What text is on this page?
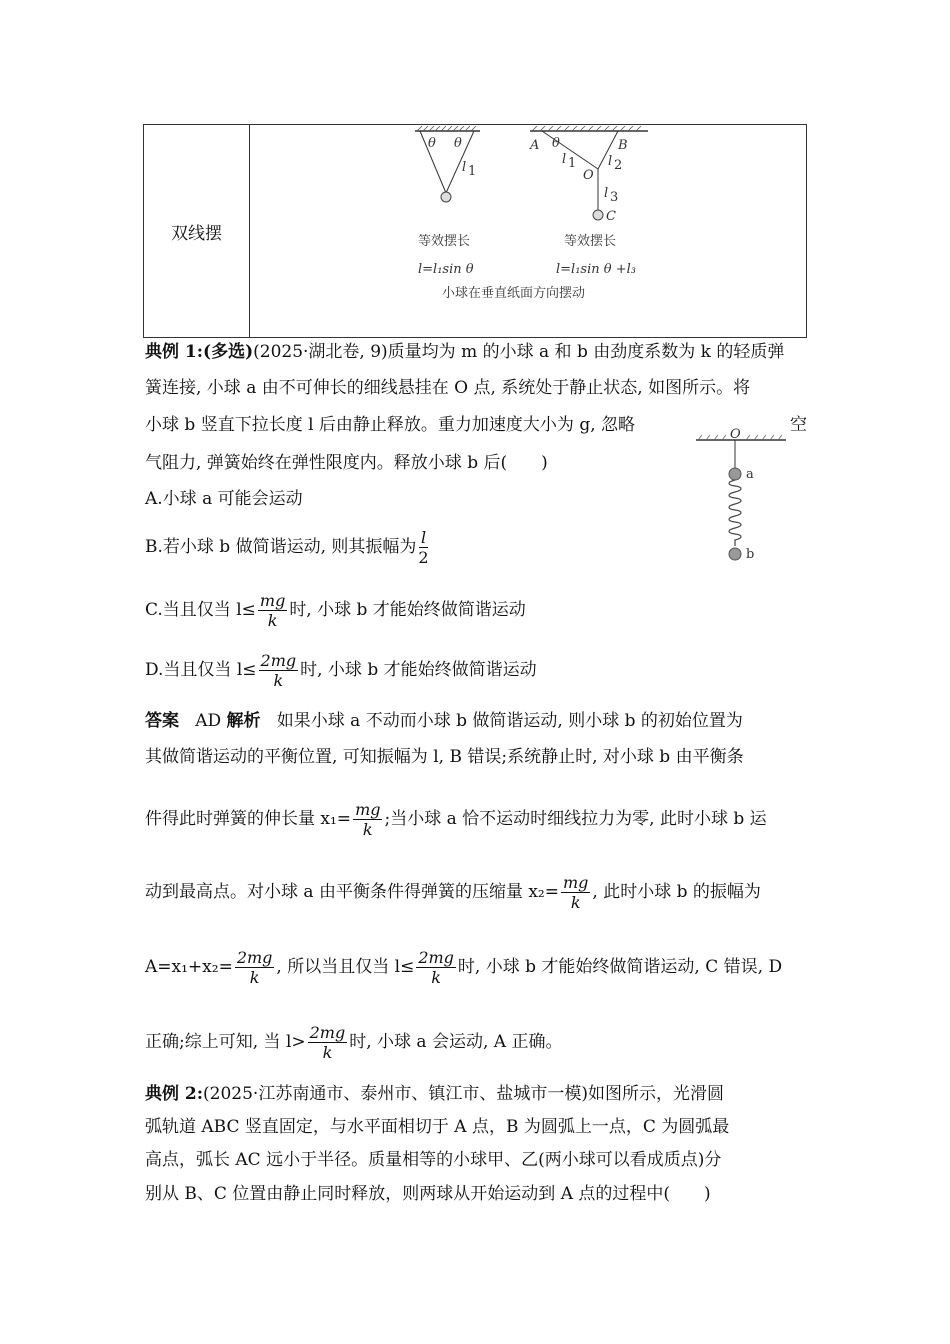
双线摆	
θ θ
l 1
等效摆长
l=l₁sin θ
A	B
θ
l 1 l 2
O
l 3
C
等效摆长
l=l₁sin θ +l₃
小球在垂直纸面方向摆动
典例 1:(多选)(2025·湖北卷, 9)质量均为 m 的小球 a 和 b 由劲度系数为 k 的轻质弹
簧连接, 小球 a 由不可伸长的细线悬挂在 O 点, 系统处于静止状态, 如图所示。将
小球 b 竖直下拉长度 l 后由静止释放。重力加速度大小为 g, 忽略	空
气阻力, 弹簧始终在弹性限度内。释放小球 b 后(　　)
O
a
b
A.小球 a 可能会运动
B.若小球 b 做简谐运动, 则其振幅为 $\frac{l}{2}$
C.当且仅当 $l\le \frac{mg}{k}$ 时, 小球 b 才能始终做简谐运动
D.当且仅当 $l\le \frac{2mg}{k}$ 时, 小球 b 才能始终做简谐运动
答案 AD 解析 如果小球 a 不动而小球 b 做简谐运动, 则小球 b 的初始位置为
其做简谐运动的平衡位置, 可知振幅为 l, B 错误;系统静止时, 对小球 b 由平衡条
件得此时弹簧的伸长量 $x_1= \frac{mg}{k}$ ;当小球 a 恰不运动时细线拉力为零, 此时小球 b 运
动到最高点。对小球 a 由平衡条件得弹簧的压缩量 $x_2= \frac{mg}{k}$ , 此时小球 b 的振幅为
$A=x_1+x_2= \frac{2mg}{k}$ , 所以当且仅当 $l\le \frac{2mg}{k}$ 时, 小球 b 才能始终做简谐运动, C 错误, D
正确;综上可知, 当 $l> \frac{2mg}{k}$ 时, 小球 a 会运动, A 正确。
典例 2:(2025·江苏南通市、泰州市、镇江市、盐城市一模)如图所示，光滑圆
弧轨道 ABC 竖直固定，与水平面相切于 A 点，B 为圆弧上一点，C 为圆弧最
高点，弧长 AC 远小于半径。质量相等的小球甲、乙(两小球可以看成质点)分
别从 B、C 位置由静止同时释放，则两球从开始运动到 A 点的过程中(　　)
